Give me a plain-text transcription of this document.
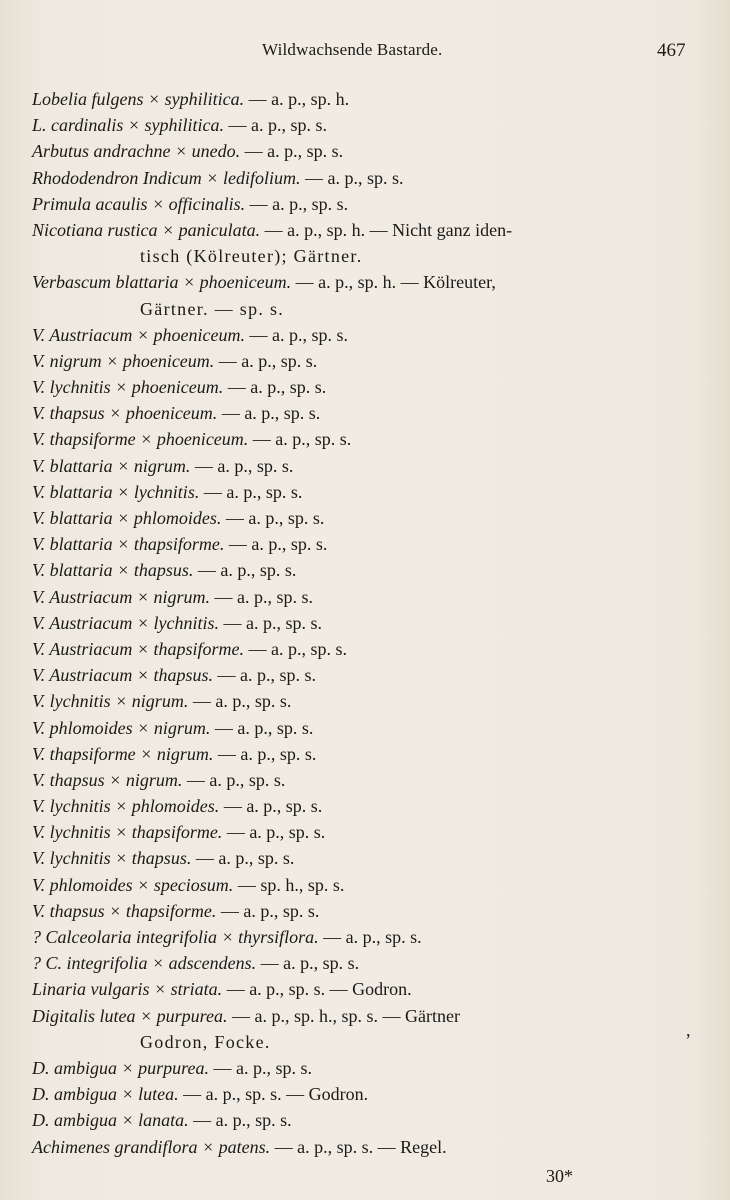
Wildwachsende Bastarde.	467
Lobelia fulgens × syphilitica. — a. p., sp. h.
L. cardinalis × syphilitica. — a. p., sp. s.
Arbutus andrachne × unedo. — a. p., sp. s.
Rhododendron Indicum × ledifolium. — a. p., sp. s.
Primula acaulis × officinalis. — a. p., sp. s.
Nicotiana rustica × paniculata. — a. p., sp. h. — Nicht ganz iden-
tisch (Kölreuter); Gärtner.
Verbascum blattaria × phoeniceum. — a. p., sp. h. — Kölreuter,
Gärtner. — sp. s.
V. Austriacum × phoeniceum. — a. p., sp. s.
V. nigrum × phoeniceum. — a. p., sp. s.
V. lychnitis × phoeniceum. — a. p., sp. s.
V. thapsus × phoeniceum. — a. p., sp. s.
V. thapsiforme × phoeniceum. — a. p., sp. s.
V. blattaria × nigrum. — a. p., sp. s.
V. blattaria × lychnitis. — a. p., sp. s.
V. blattaria × phlomoides. — a. p., sp. s.
V. blattaria × thapsiforme. — a. p., sp. s.
V. blattaria × thapsus. — a. p., sp. s.
V. Austriacum × nigrum. — a. p., sp. s.
V. Austriacum × lychnitis. — a. p., sp. s.
V. Austriacum × thapsiforme. — a. p., sp. s.
V. Austriacum × thapsus. — a. p., sp. s.
V. lychnitis × nigrum. — a. p., sp. s.
V. phlomoides × nigrum. — a. p., sp. s.
V. thapsiforme × nigrum. — a. p., sp. s.
V. thapsus × nigrum. — a. p., sp. s.
V. lychnitis × phlomoides. — a. p., sp. s.
V. lychnitis × thapsiforme. — a. p., sp. s.
V. lychnitis × thapsus. — a. p., sp. s.
V. phlomoides × speciosum. — sp. h., sp. s.
V. thapsus × thapsiforme. — a. p., sp. s.
? Calceolaria integrifolia × thyrsiflora. — a. p., sp. s.
? C. integrifolia × adscendens. — a. p., sp. s.
Linaria vulgaris × striata. — a. p., sp. s. — Godron.
Digitalis lutea × purpurea. — a. p., sp. h., sp. s. — Gärtner
Godron, Focke.
D. ambigua × purpurea. — a. p., sp. s.
D. ambigua × lutea. — a. p., sp. s. — Godron.
D. ambigua × lanata. — a. p., sp. s.
Achimenes grandiflora × patens. — a. p., sp. s. — Regel.
,
30*
